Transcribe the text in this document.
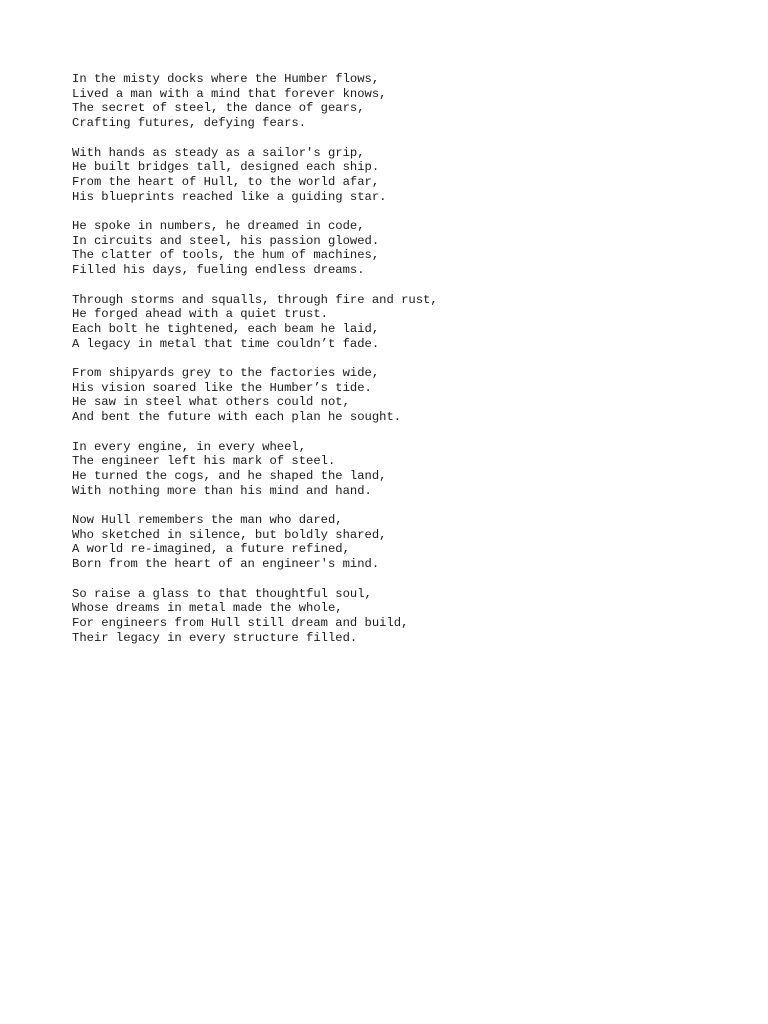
In the misty docks where the Humber flows,
Lived a man with a mind that forever knows,
The secret of steel, the dance of gears,
Crafting futures, defying fears.
With hands as steady as a sailor's grip,
He built bridges tall, designed each ship.
From the heart of Hull, to the world afar,
His blueprints reached like a guiding star.
He spoke in numbers, he dreamed in code,
In circuits and steel, his passion glowed.
The clatter of tools, the hum of machines,
Filled his days, fueling endless dreams.
Through storms and squalls, through fire and rust,
He forged ahead with a quiet trust.
Each bolt he tightened, each beam he laid,
A legacy in metal that time couldn’t fade.
From shipyards grey to the factories wide,
His vision soared like the Humber’s tide.
He saw in steel what others could not,
And bent the future with each plan he sought.
In every engine, in every wheel,
The engineer left his mark of steel.
He turned the cogs, and he shaped the land,
With nothing more than his mind and hand.
Now Hull remembers the man who dared,
Who sketched in silence, but boldly shared,
A world re-imagined, a future refined,
Born from the heart of an engineer's mind.
So raise a glass to that thoughtful soul,
Whose dreams in metal made the whole,
For engineers from Hull still dream and build,
Their legacy in every structure filled.
